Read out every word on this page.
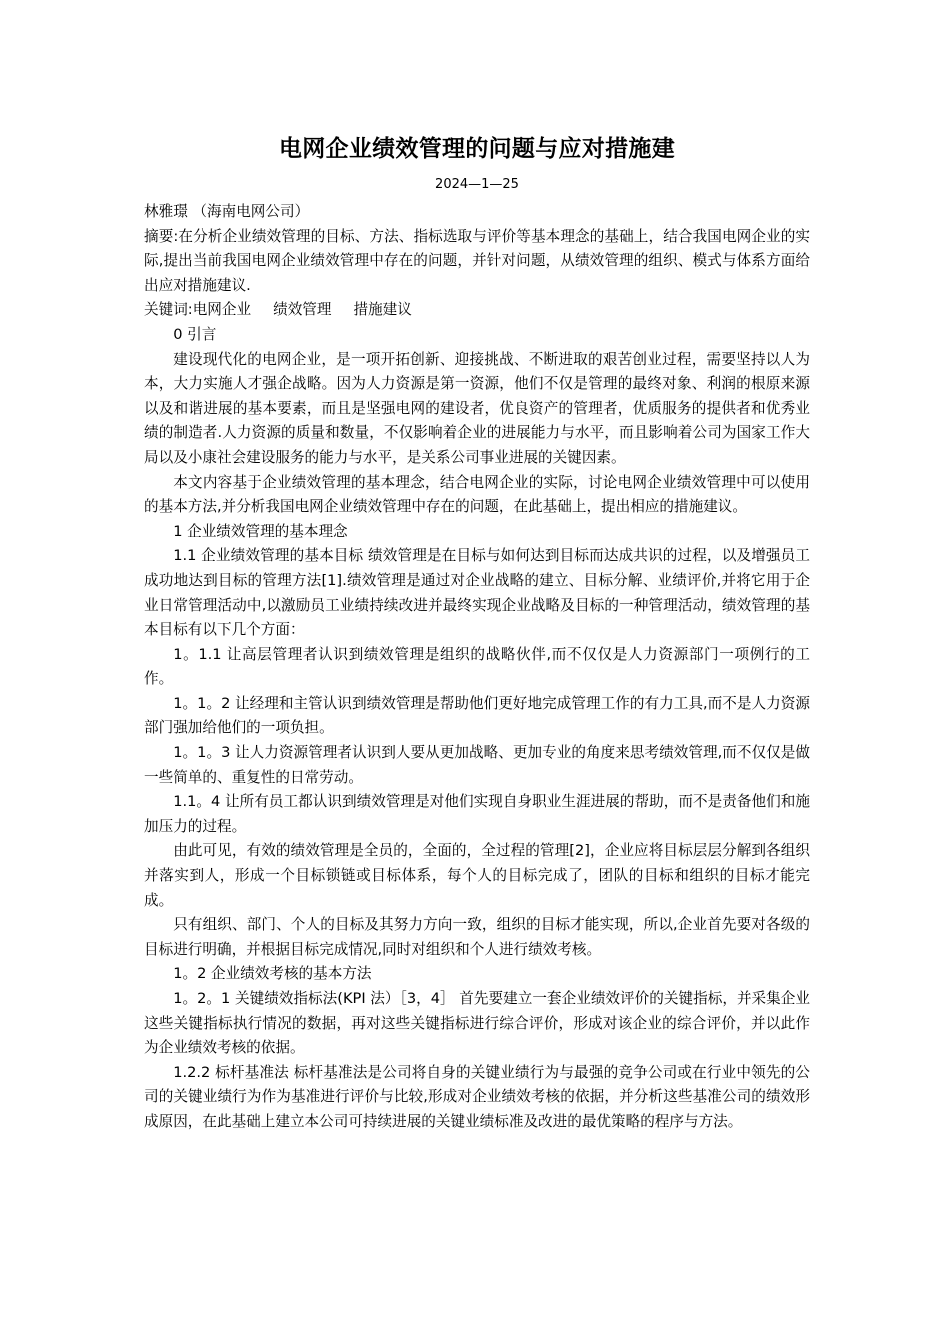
电网企业绩效管理的问题与应对措施建
2024—1—25

林雅璟 （海南电网公司）

摘要:在分析企业绩效管理的目标、方法、指标选取与评价等基本理念的基础上，结合我国电网企业的实际,提出当前我国电网企业绩效管理中存在的问题，并针对问题，从绩效管理的组织、模式与体系方面给出应对措施建议.

关键词:电网企业 绩效管理 措施建议

0 引言

建设现代化的电网企业，是一项开拓创新、迎接挑战、不断进取的艰苦创业过程，需要坚持以人为本，大力实施人才强企战略。因为人力资源是第一资源，他们不仅是管理的最终对象、利润的根原来源以及和谐进展的基本要素，而且是坚强电网的建设者，优良资产的管理者，优质服务的提供者和优秀业绩的制造者.人力资源的质量和数量，不仅影响着企业的进展能力与水平，而且影响着公司为国家工作大局以及小康社会建设服务的能力与水平，是关系公司事业进展的关键因素。

本文内容基于企业绩效管理的基本理念，结合电网企业的实际，讨论电网企业绩效管理中可以使用的基本方法,并分析我国电网企业绩效管理中存在的问题，在此基础上，提出相应的措施建议。

1 企业绩效管理的基本理念

1.1 企业绩效管理的基本目标 绩效管理是在目标与如何达到目标而达成共识的过程，以及增强员工成功地达到目标的管理方法[1].绩效管理是通过对企业战略的建立、目标分解、业绩评价,并将它用于企业日常管理活动中,以激励员工业绩持续改进并最终实现企业战略及目标的一种管理活动，绩效管理的基本目标有以下几个方面：

1。1.1 让高层管理者认识到绩效管理是组织的战略伙伴,而不仅仅是人力资源部门一项例行的工作。

1。1。2 让经理和主管认识到绩效管理是帮助他们更好地完成管理工作的有力工具,而不是人力资源部门强加给他们的一项负担。

1。1。3 让人力资源管理者认识到人要从更加战略、更加专业的角度来思考绩效管理,而不仅仅是做一些简单的、重复性的日常劳动。

1.1。4 让所有员工都认识到绩效管理是对他们实现自身职业生涯进展的帮助，而不是责备他们和施加压力的过程。

由此可见，有效的绩效管理是全员的，全面的，全过程的管理[2]，企业应将目标层层分解到各组织并落实到人，形成一个目标锁链或目标体系，每个人的目标完成了，团队的目标和组织的目标才能完成。

只有组织、部门、个人的目标及其努力方向一致，组织的目标才能实现，所以,企业首先要对各级的目标进行明确，并根据目标完成情况,同时对组织和个人进行绩效考核。

1。2 企业绩效考核的基本方法

1。2。1 关键绩效指标法(KPI 法）［3，4］ 首先要建立一套企业绩效评价的关键指标，并采集企业这些关键指标执行情况的数据，再对这些关键指标进行综合评价，形成对该企业的综合评价，并以此作为企业绩效考核的依据。

1.2.2 标杆基准法 标杆基准法是公司将自身的关键业绩行为与最强的竞争公司或在行业中领先的公司的关键业绩行为作为基准进行评价与比较,形成对企业绩效考核的依据，并分析这些基准公司的绩效形成原因，在此基础上建立本公司可持续进展的关键业绩标准及改进的最优策略的程序与方法。
